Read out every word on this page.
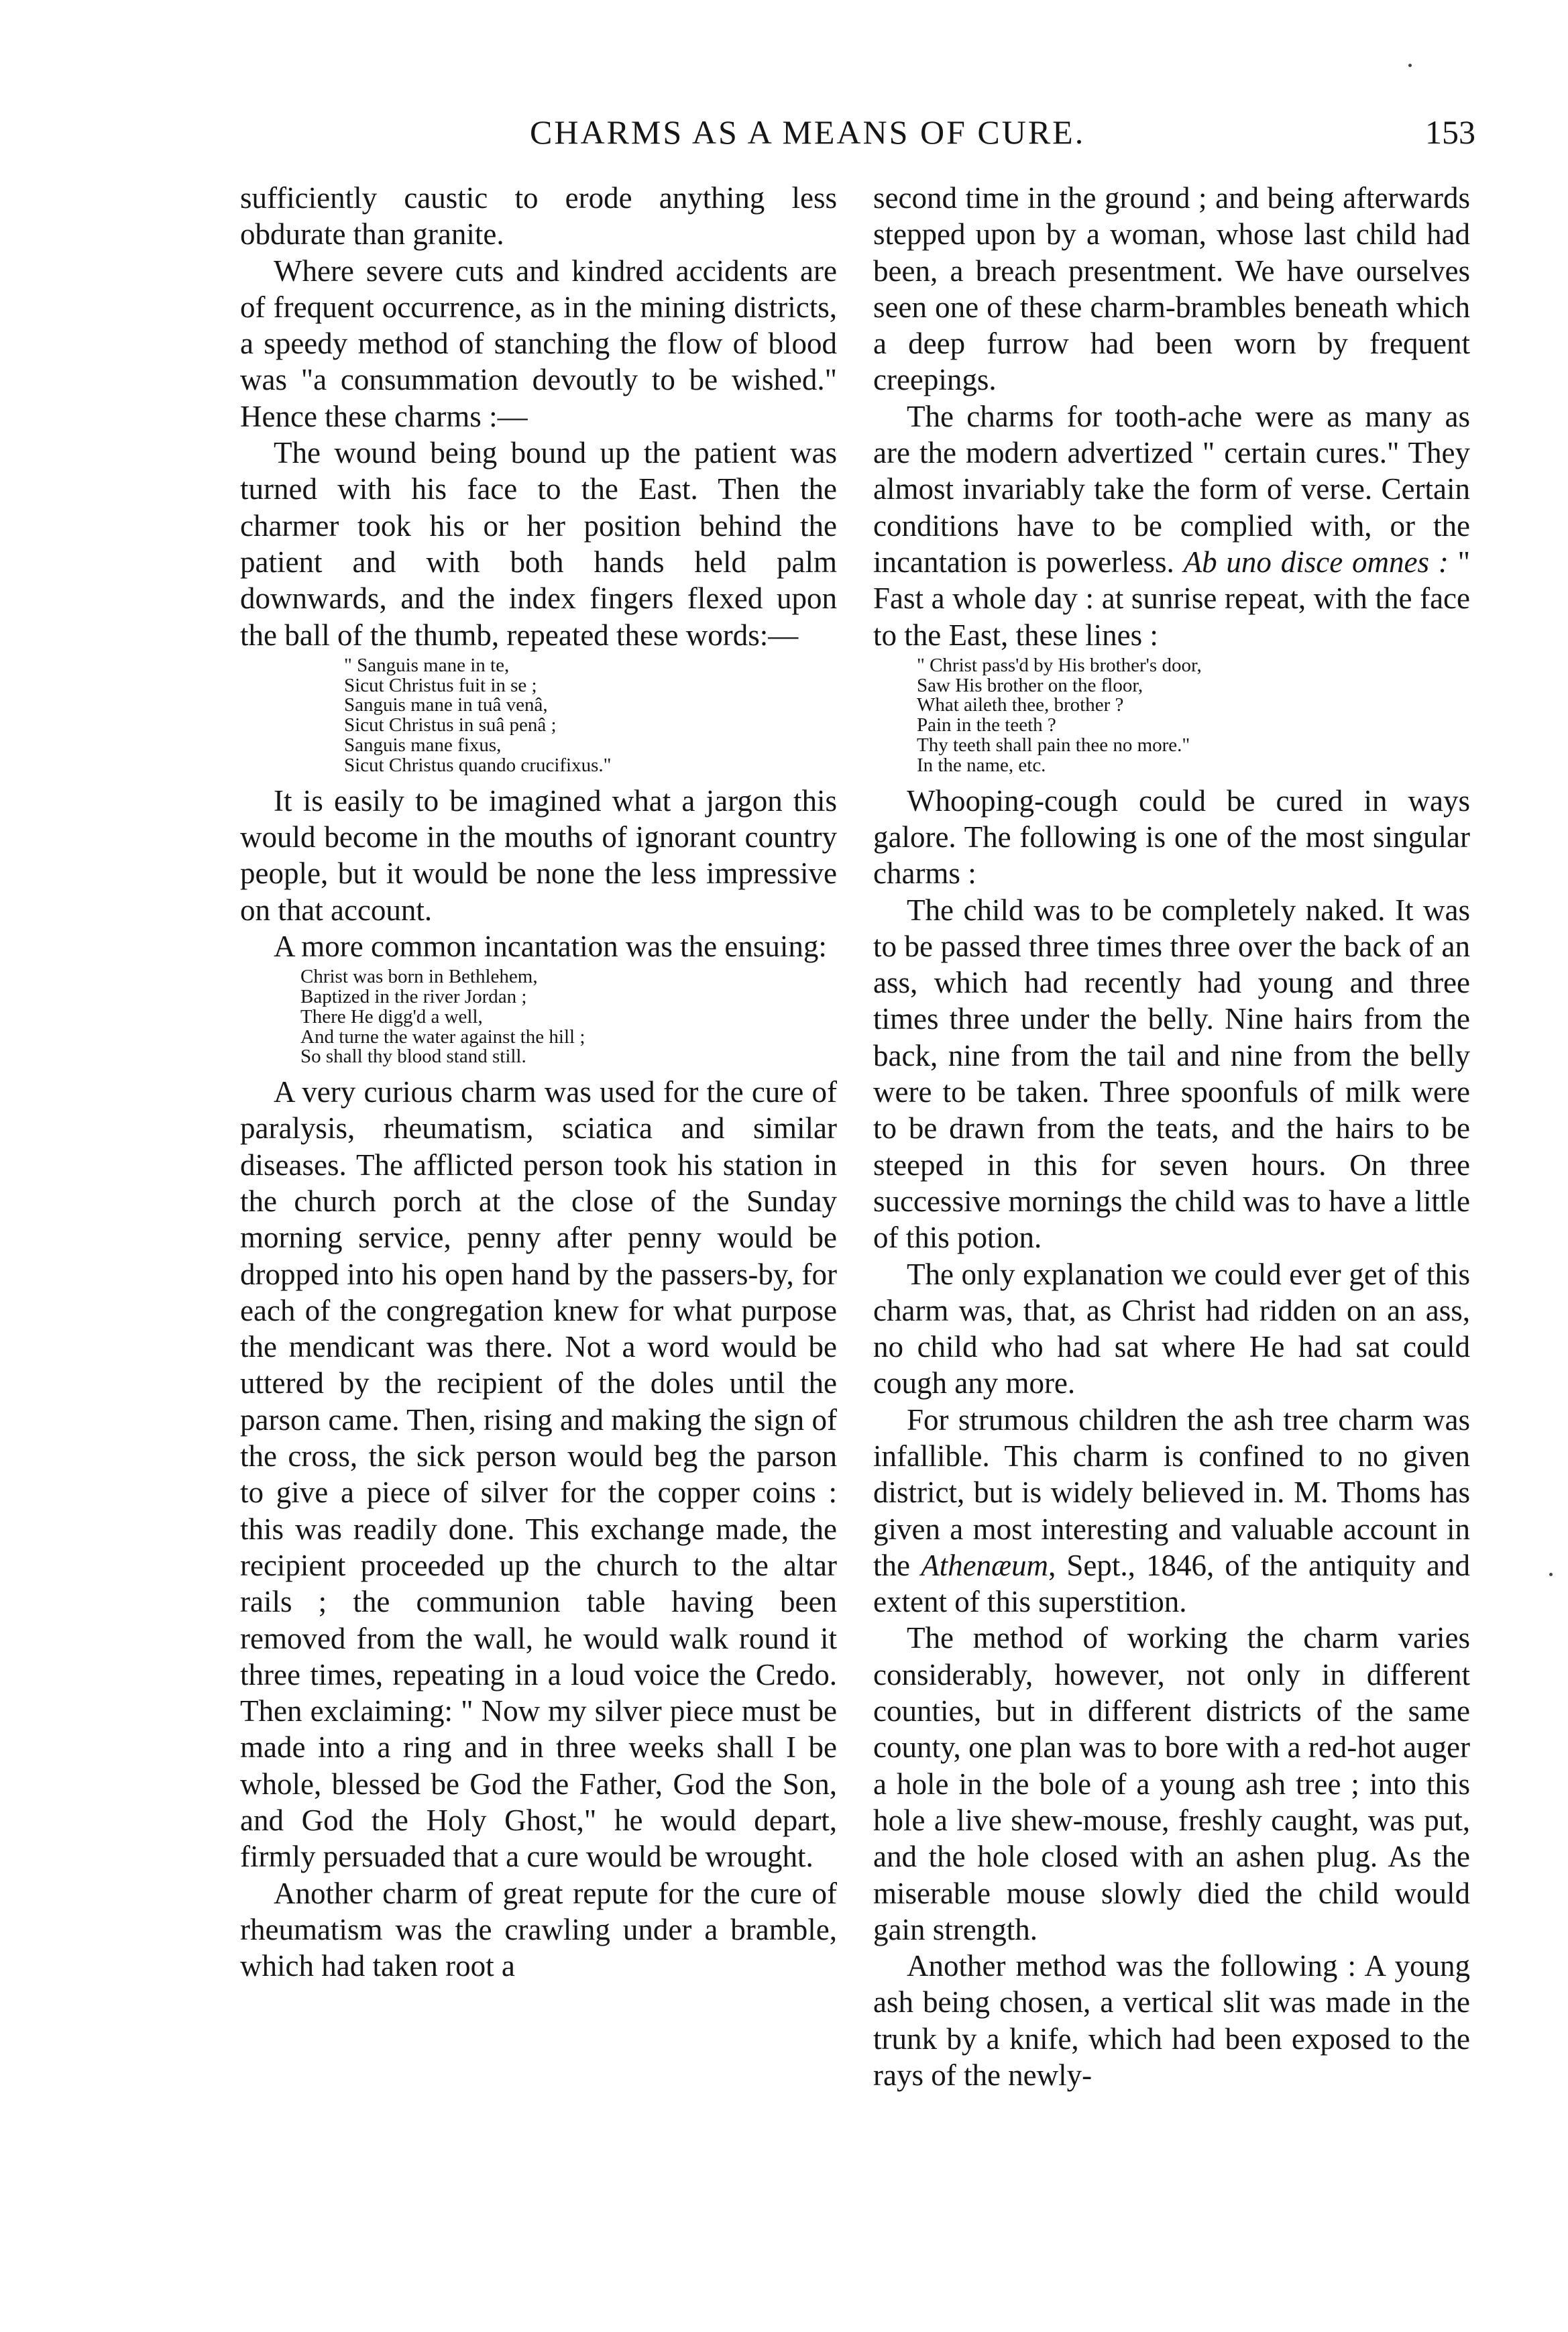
CHARMS AS A MEANS OF CURE.	153

sufficiently caustic to erode anything less obdurate than granite.

Where severe cuts and kindred accidents are of frequent occurrence, as in the mining districts, a speedy method of stanching the flow of blood was "a consummation devoutly to be wished." Hence these charms :—

The wound being bound up the patient was turned with his face to the East. Then the charmer took his or her position behind the patient and with both hands held palm downwards, and the index fingers flexed upon the ball of the thumb, repeated these words:—

" Sanguis mane in te,
Sicut Christus fuit in se ;
Sanguis mane in tuâ venâ,
Sicut Christus in suâ penâ ;
Sanguis mane fixus,
Sicut Christus quando crucifixus."

It is easily to be imagined what a jargon this would become in the mouths of ignorant country people, but it would be none the less impressive on that account.

A more common incantation was the ensuing:

Christ was born in Bethlehem,
Baptized in the river Jordan ;
There He digg'd a well,
And turne the water against the hill ;
So shall thy blood stand still.

A very curious charm was used for the cure of paralysis, rheumatism, sciatica and similar diseases. The afflicted person took his station in the church porch at the close of the Sunday morning service, penny after penny would be dropped into his open hand by the passers-by, for each of the congregation knew for what purpose the mendicant was there. Not a word would be uttered by the recipient of the doles until the parson came. Then, rising and making the sign of the cross, the sick person would beg the parson to give a piece of silver for the copper coins : this was readily done. This exchange made, the recipient proceeded up the church to the altar rails ; the communion table having been removed from the wall, he would walk round it three times, repeating in a loud voice the Credo. Then exclaiming: " Now my silver piece must be made into a ring and in three weeks shall I be whole, blessed be God the Father, God the Son, and God the Holy Ghost," he would depart, firmly persuaded that a cure would be wrought.

Another charm of great repute for the cure of rheumatism was the crawling under a bramble, which had taken root a

second time in the ground ; and being afterwards stepped upon by a woman, whose last child had been, a breach presentment. We have ourselves seen one of these charm-brambles beneath which a deep furrow had been worn by frequent creepings.

The charms for tooth-ache were as many as are the modern advertized " certain cures." They almost invariably take the form of verse. Certain conditions have to be complied with, or the incantation is powerless. Ab uno disce omnes : " Fast a whole day : at sunrise repeat, with the face to the East, these lines :

" Christ pass'd by His brother's door,
Saw His brother on the floor,
What aileth thee, brother ?
Pain in the teeth ?
Thy teeth shall pain thee no more."
In the name, etc.

Whooping-cough could be cured in ways galore. The following is one of the most singular charms :

The child was to be completely naked. It was to be passed three times three over the back of an ass, which had recently had young and three times three under the belly. Nine hairs from the back, nine from the tail and nine from the belly were to be taken. Three spoonfuls of milk were to be drawn from the teats, and the hairs to be steeped in this for seven hours. On three successive mornings the child was to have a little of this potion.

The only explanation we could ever get of this charm was, that, as Christ had ridden on an ass, no child who had sat where He had sat could cough any more.

For strumous children the ash tree charm was infallible. This charm is confined to no given district, but is widely believed in. M. Thoms has given a most interesting and valuable account in the Athenæum, Sept., 1846, of the antiquity and extent of this superstition.

The method of working the charm varies considerably, however, not only in different counties, but in different districts of the same county, one plan was to bore with a red-hot auger a hole in the bole of a young ash tree ; into this hole a live shew-mouse, freshly caught, was put, and the hole closed with an ashen plug. As the miserable mouse slowly died the child would gain strength.

Another method was the following : A young ash being chosen, a vertical slit was made in the trunk by a knife, which had been exposed to the rays of the newly-
